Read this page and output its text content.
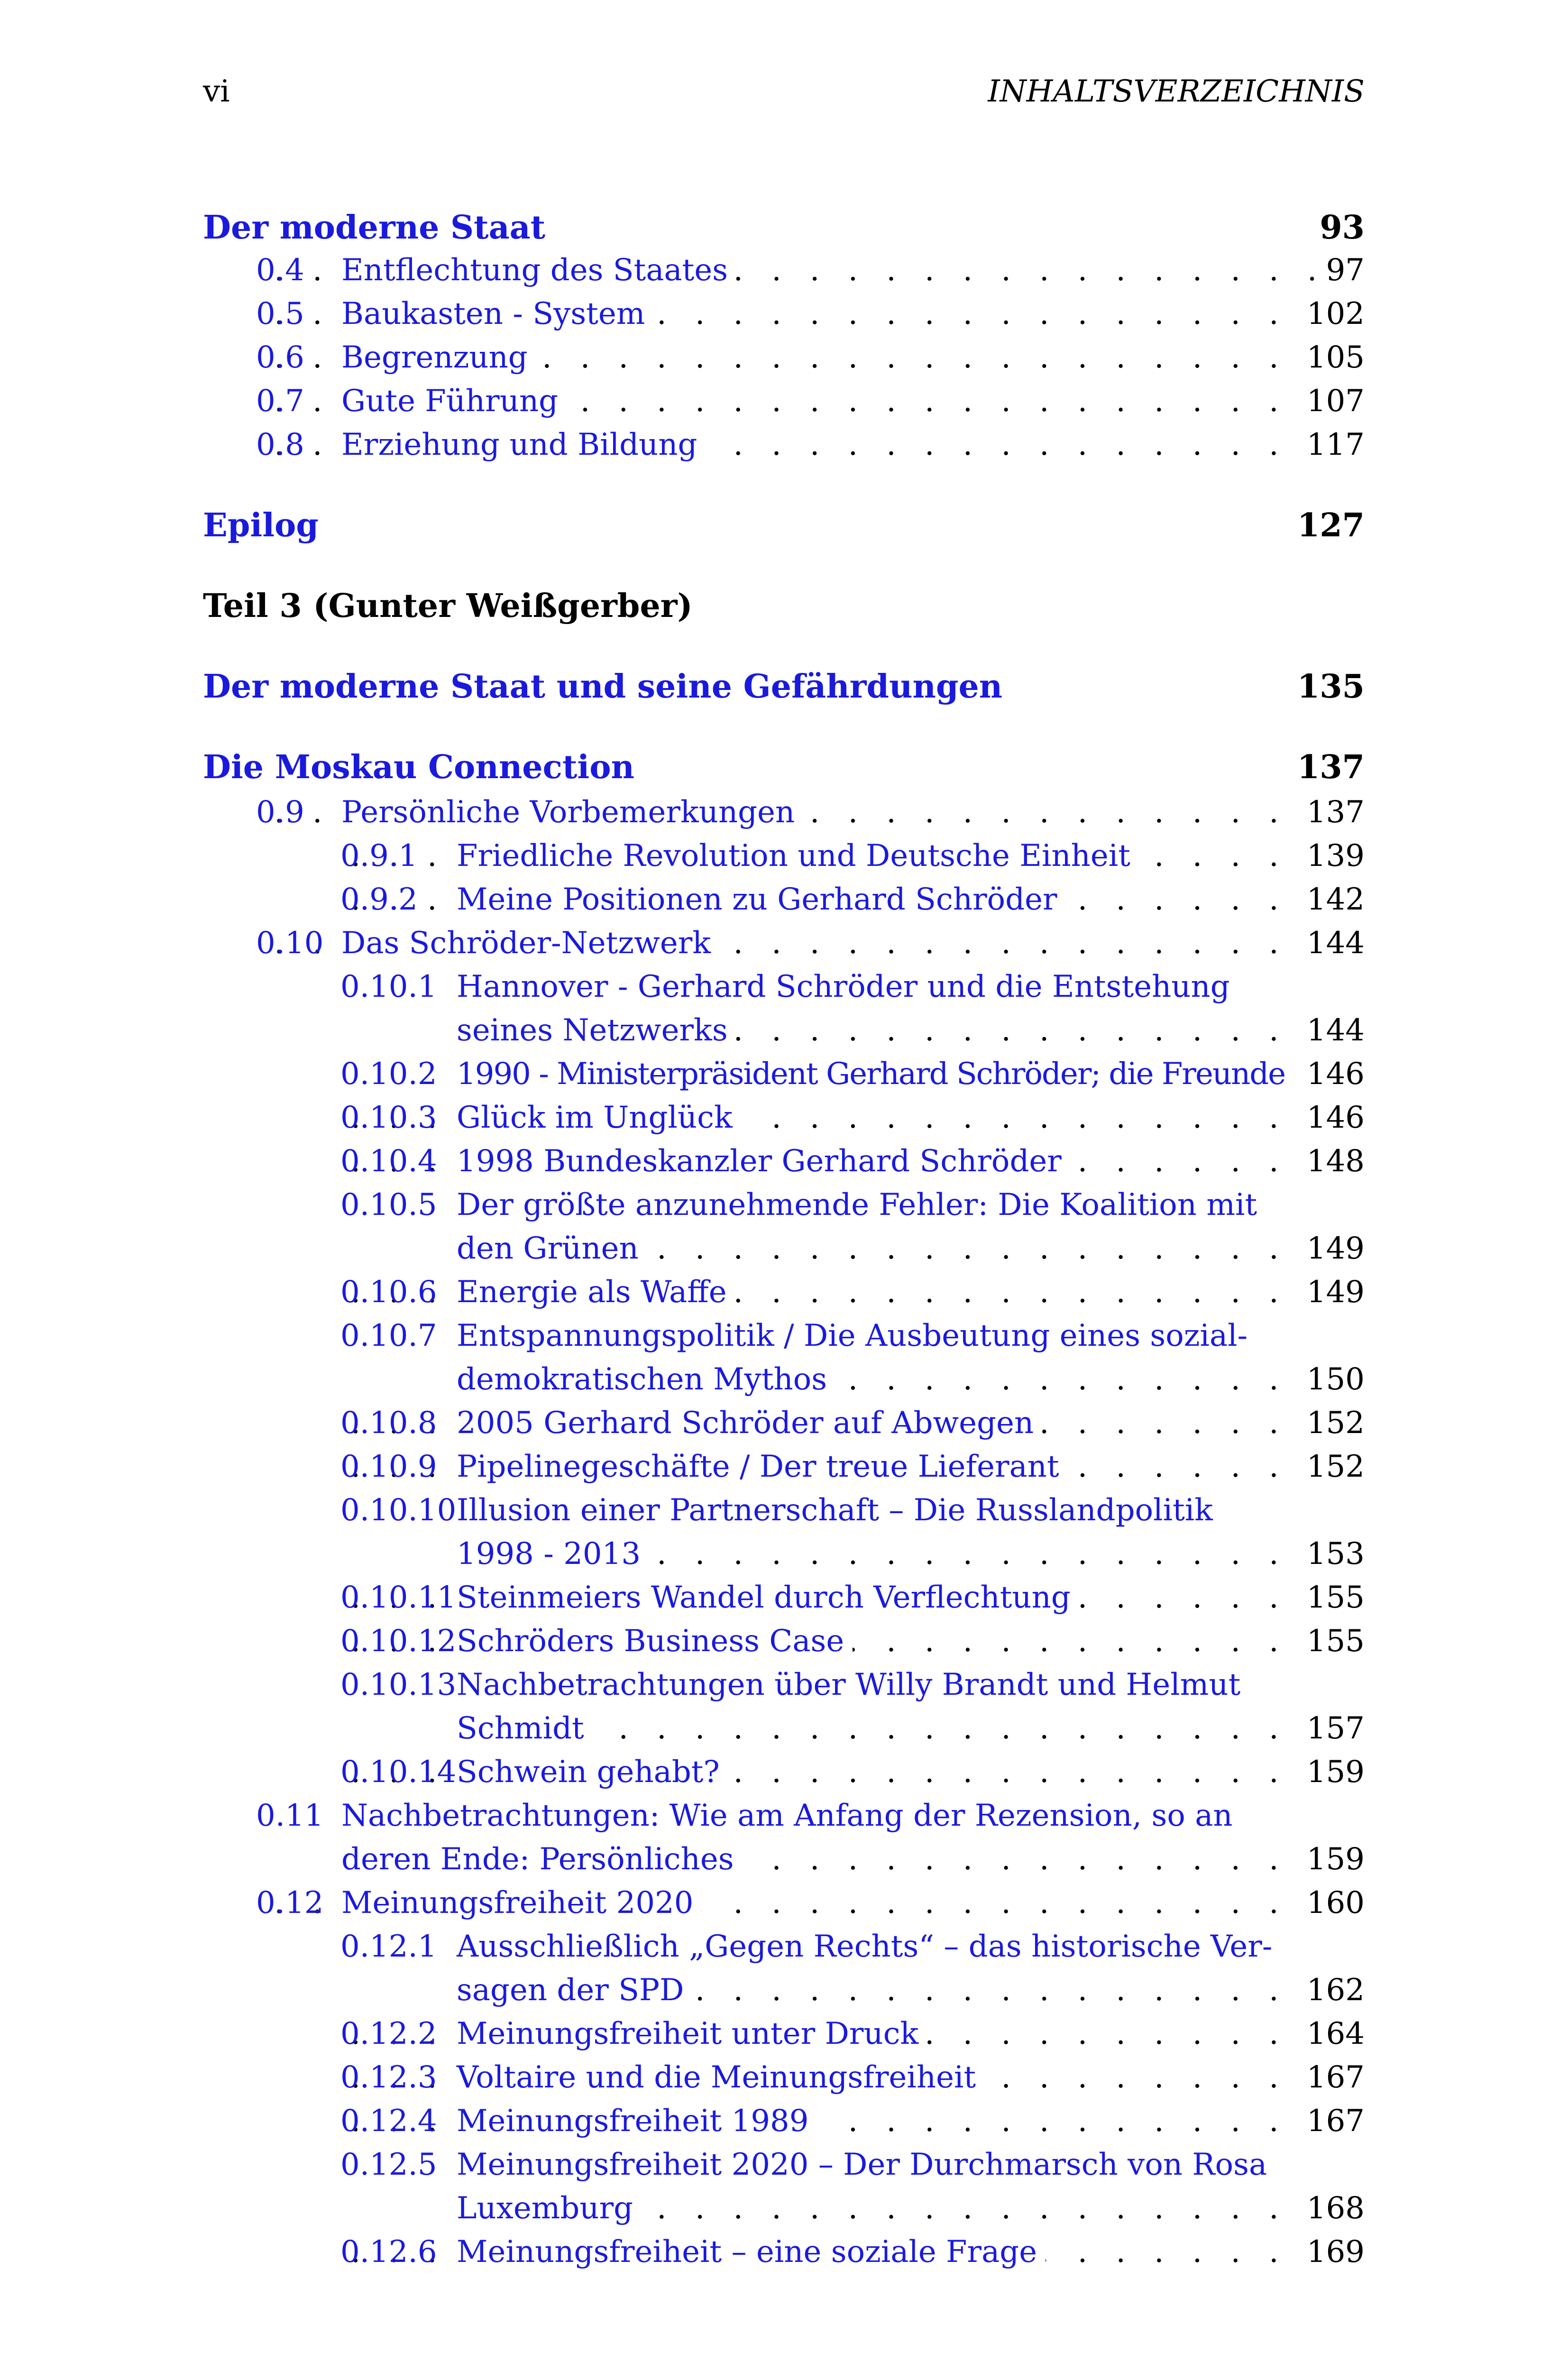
vi	INHALTSVERZEICHNIS
Der moderne Staat	93
. . .
0.4 Entflechtung des Staates	97
. . .
0.5 Baukasten - System	102
. . .
0.6 Begrenzung	105
. . .
0.7 Gute Führung	107
. . .
0.8 Erziehung und Bildung	117
Epilog	127
Teil 3 (Gunter Weißgerber)
Der moderne Staat und seine Gefährdungen	135
Die Moskau Connection	137
. . .
0.9 Persönliche Vorbemerkungen	137
. . .
0.9.1 Friedliche Revolution und Deutsche Einheit	139
. . .
0.9.2 Meine Positionen zu Gerhard Schröder	142
. . .
0.10 Das Schröder-Netzwerk	144
0.10.1 Hannover - Gerhard Schröder und die Entstehung
. . .
seines Netzwerks	144
0.10.2 1990 - Ministerpräsident Gerhard Schröder; die Freunde 146
. . .
0.10.3 Glück im Unglück	146
. . .
0.10.4 1998 Bundeskanzler Gerhard Schröder	148
0.10.5 Der größte anzunehmende Fehler: Die Koalition mit
. . .
den Grünen	149
. . .
0.10.6 Energie als Waffe	149
0.10.7 Entspannungspolitik / Die Ausbeutung eines sozial-
. . .
demokratischen Mythos	150
. . .
0.10.8 2005 Gerhard Schröder auf Abwegen	152
. . .
0.10.9 Pipelinegeschäfte / Der treue Lieferant	152
0.10.10 Illusion einer Partnerschaft – Die Russlandpolitik
. . .
1998 - 2013	153
. . .
0.10.11 Steinmeiers Wandel durch Verflechtung	155
. . .
0.10.12 Schröders Business Case	155
0.10.13 Nachbetrachtungen über Willy Brandt und Helmut
. . .
Schmidt	157
. . .
0.10.14 Schwein gehabt?	159
0.11 Nachbetrachtungen: Wie am Anfang der Rezension, so an
. . .
deren Ende: Persönliches	159
. . .
0.12 Meinungsfreiheit 2020	160
0.12.1 Ausschließlich „Gegen Rechts“ – das historische Ver-
. . .
sagen der SPD	162
. . .
0.12.2 Meinungsfreiheit unter Druck	164
. . .
0.12.3 Voltaire und die Meinungsfreiheit	167
. . .
0.12.4 Meinungsfreiheit 1989	167
0.12.5 Meinungsfreiheit 2020 – Der Durchmarsch von Rosa
. . .
Luxemburg	168
. . .
0.12.6 Meinungsfreiheit – eine soziale Frage	169
